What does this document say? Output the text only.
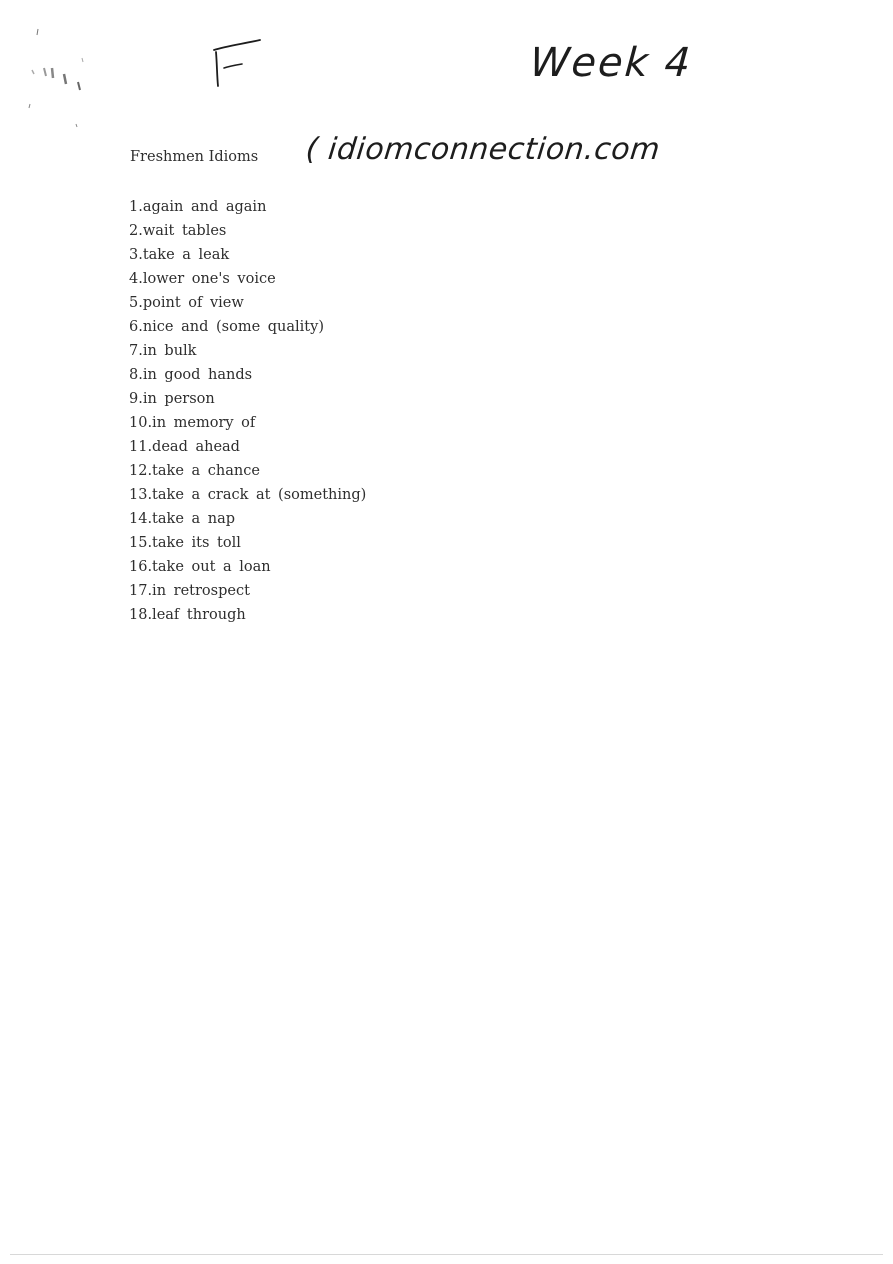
F
Week 4
( idiomconnection.com
Freshmen Idioms
1.again and again
2.wait tables
3.take a leak
4.lower one's voice
5.point of view
6.nice and (some quality)
7.in bulk
8.in good hands
9.in person
10.in memory of
11.dead ahead
12.take a chance
13.take a crack at (something)
14.take a nap
15.take its toll
16.take out a loan
17.in retrospect
18.leaf through
